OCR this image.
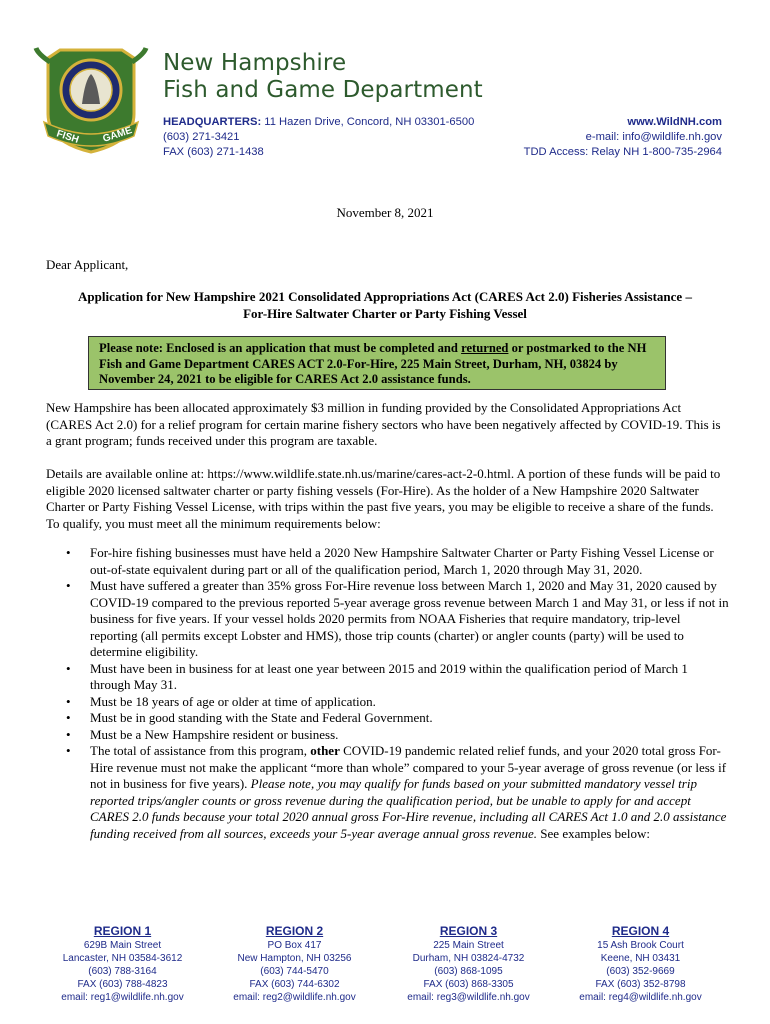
FISH GAME
New Hampshire
Fish and Game Department
HEADQUARTERS: 11 Hazen Drive, Concord, NH 03301-6500
(603) 271-3421
FAX (603) 271-1438
www.WildNH.com
e-mail: info@wildlife.nh.gov
TDD Access: Relay NH 1-800-735-2964
November 8, 2021
Dear Applicant,
Application for New Hampshire 2021 Consolidated Appropriations Act (CARES Act 2.0) Fisheries Assistance –
For-Hire Saltwater Charter or Party Fishing Vessel
Please note: Enclosed is an application that must be completed and returned or postmarked to the NH Fish and Game Department CARES ACT 2.0-For-Hire, 225 Main Street, Durham, NH, 03824 by November 24, 2021 to be eligible for CARES Act 2.0 assistance funds.
New Hampshire has been allocated approximately $3 million in funding provided by the Consolidated Appropriations Act (CARES Act 2.0) for a relief program for certain marine fishery sectors who have been negatively affected by COVID-19. This is a grant program; funds received under this program are taxable.
Details are available online at: https://www.wildlife.state.nh.us/marine/cares-act-2-0.html. A portion of these funds will be paid to eligible 2020 licensed saltwater charter or party fishing vessels (For-Hire). As the holder of a New Hampshire 2020 Saltwater Charter or Party Fishing Vessel License, with trips within the past five years, you may be eligible to receive a share of the funds. To qualify, you must meet all the minimum requirements below:
• For-hire fishing businesses must have held a 2020 New Hampshire Saltwater Charter or Party Fishing Vessel License or out-of-state equivalent during part or all of the qualification period, March 1, 2020 through May 31, 2020.
• Must have suffered a greater than 35% gross For-Hire revenue loss between March 1, 2020 and May 31, 2020 caused by COVID-19 compared to the previous reported 5-year average gross revenue between March 1 and May 31, or less if not in business for five years. If your vessel holds 2020 permits from NOAA Fisheries that require mandatory, trip-level reporting (all permits except Lobster and HMS), those trip counts (charter) or angler counts (party) will be used to determine eligibility.
• Must have been in business for at least one year between 2015 and 2019 within the qualification period of March 1 through May 31.
• Must be 18 years of age or older at time of application.
• Must be in good standing with the State and Federal Government.
• Must be a New Hampshire resident or business.
• The total of assistance from this program, other COVID-19 pandemic related relief funds, and your 2020 total gross For-Hire revenue must not make the applicant “more than whole” compared to your 5-year average of gross revenue (or less if not in business for five years). Please note, you may qualify for funds based on your submitted mandatory vessel trip reported trips/angler counts or gross revenue during the qualification period, but be unable to apply for and accept CARES 2.0 funds because your total 2020 annual gross For-Hire revenue, including all CARES Act 1.0 and 2.0 assistance funding received from all sources, exceeds your 5-year average annual gross revenue. See examples below:
REGION 1
629B Main Street
Lancaster, NH 03584-3612
(603) 788-3164
FAX (603) 788-4823
email: reg1@wildlife.nh.gov
REGION 2
PO Box 417
New Hampton, NH 03256
(603) 744-5470
FAX (603) 744-6302
email: reg2@wildlife.nh.gov
REGION 3
225 Main Street
Durham, NH 03824-4732
(603) 868-1095
FAX (603) 868-3305
email: reg3@wildlife.nh.gov
REGION 4
15 Ash Brook Court
Keene, NH 03431
(603) 352-9669
FAX (603) 352-8798
email: reg4@wildlife.nh.gov
